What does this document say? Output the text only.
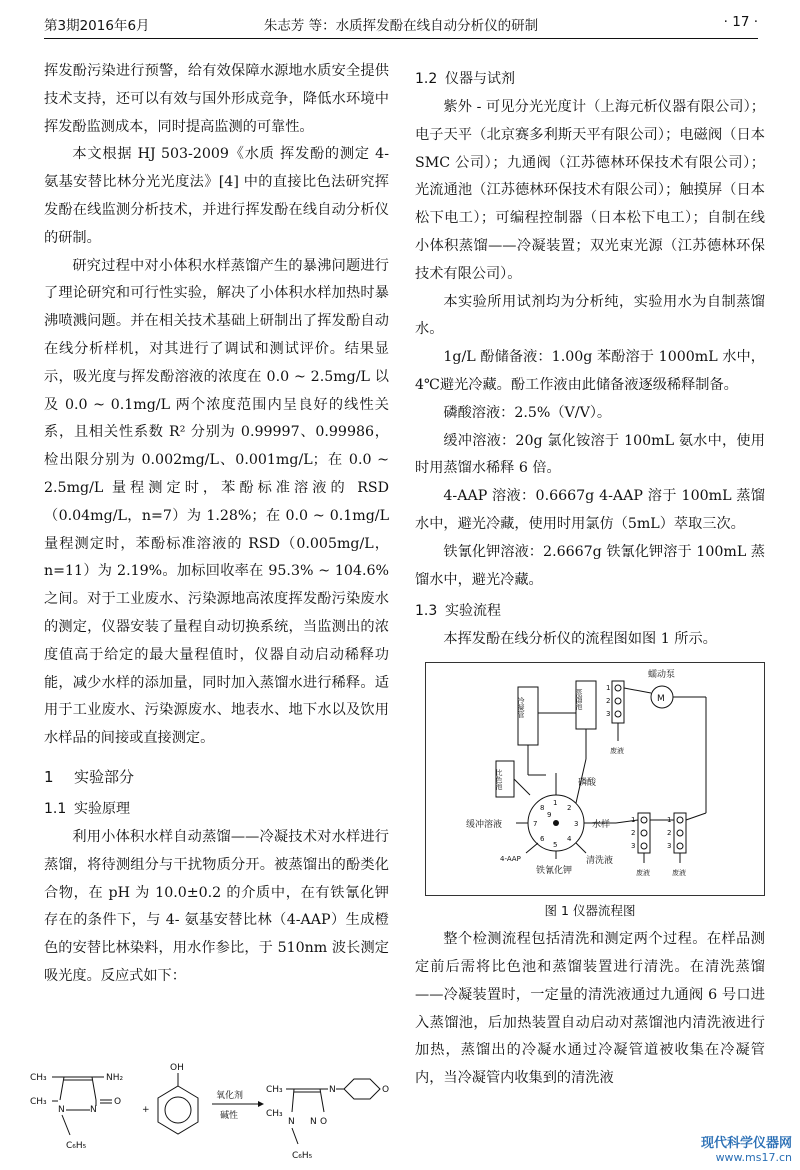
第3期2016年6月	朱志芳 等：水质挥发酚在线自动分析仪的研制	· 17 ·

挥发酚污染进行预警，给有效保障水源地水质安全提供技术支持，还可以有效与国外形成竞争，降低水环境中挥发酚监测成本，同时提高监测的可靠性。

本文根据 HJ 503-2009《水质 挥发酚的测定 4- 氨基安替比林分光光度法》[4] 中的直接比色法研究挥发酚在线监测分析技术，并进行挥发酚在线自动分析仪的研制。

研究过程中对小体积水样蒸馏产生的暴沸问题进行了理论研究和可行性实验，解决了小体积水样加热时暴沸喷溅问题。并在相关技术基础上研制出了挥发酚自动在线分析样机，对其进行了调试和测试评价。结果显示，吸光度与挥发酚溶液的浓度在 0.0 ~ 2.5mg/L 以及 0.0 ~ 0.1mg/L 两个浓度范围内呈良好的线性关系，且相关性系数 R² 分别为 0.99997、0.99986，检出限分别为 0.002mg/L、0.001mg/L；在 0.0 ~ 2.5mg/L 量程测定时，苯酚标准溶液的 RSD（0.04mg/L，n=7）为 1.28%；在 0.0 ~ 0.1mg/L 量程测定时，苯酚标准溶液的 RSD（0.005mg/L，n=11）为 2.19%。加标回收率在 95.3% ~ 104.6% 之间。对于工业废水、污染源地高浓度挥发酚污染废水的测定，仪器安装了量程自动切换系统，当监测出的浓度值高于给定的最大量程值时，仪器自动启动稀释功能，减少水样的添加量，同时加入蒸馏水进行稀释。适用于工业废水、污染源废水、地表水、地下水以及饮用水样品的间接或直接测定。

1 实验部分

1.1 实验原理

利用小体积水样自动蒸馏——冷凝技术对水样进行蒸馏，将待测组分与干扰物质分开。被蒸馏出的酚类化合物，在 pH 为 10.0±0.2 的介质中，在有铁氰化钾存在的条件下，与 4- 氨基安替比林（4-AAP）生成橙色的安替比林染料，用水作参比，于 510nm 波长测定吸光度。反应式如下：

CH₃	NH₂
CH₃
N
O
N
C₆H₅
+
OH
氧化剂
碱性
CH₃	N	O
CH₃
N	O
N
C₆H₅

1.2 仪器与试剂

紫外 - 可见分光光度计（上海元析仪器有限公司）；电子天平（北京赛多利斯天平有限公司）；电磁阀（日本 SMC 公司）；九通阀（江苏德林环保技术有限公司）；光流通池（江苏德林环保技术有限公司）；触摸屏（日本松下电工）；可编程控制器（日本松下电工）；自制在线小体积蒸馏——冷凝装置；双光束光源（江苏德林环保技术有限公司）。

本实验所用试剂均为分析纯，实验用水为自制蒸馏水。

1g/L 酚储备液：1.00g 苯酚溶于 1000mL 水中，4℃避光冷藏。酚工作液由此储备液逐级稀释制备。

磷酸溶液：2.5%（V/V）。

缓冲溶液：20g 氯化铵溶于 100mL 氨水中，使用时用蒸馏水稀释 6 倍。

4-AAP 溶液：0.6667g 4-AAP 溶于 100mL 蒸馏水中，避光冷藏，使用时用氯仿（5mL）萃取三次。

铁氰化钾溶液：2.6667g 铁氰化钾溶于 100mL 蒸馏水中，避光冷藏。

1.3 实验流程

本挥发酚在线分析仪的流程图如图 1 所示。

冷凝管	蒸馏池
1
2
3
蠕动泵
M
废液
比色池
1
2
3
4
5
6
7
8
9
磷酸
缓冲溶液	水样
4-AAP
铁氰化钾
清洗液
1
2
3
1
2
3
废液	废液

图 1 仪器流程图

整个检测流程包括清洗和测定两个过程。在样品测定前后需将比色池和蒸馏装置进行清洗。在清洗蒸馏——冷凝装置时，一定量的清洗液通过九通阀 6 号口进入蒸馏池，后加热装置自动启动对蒸馏池内清洗液进行加热，蒸馏出的冷凝水通过冷凝管道被收集在冷凝管内，当冷凝管内收集到的清洗液

现代科学仪器网
www.ms17.cn
